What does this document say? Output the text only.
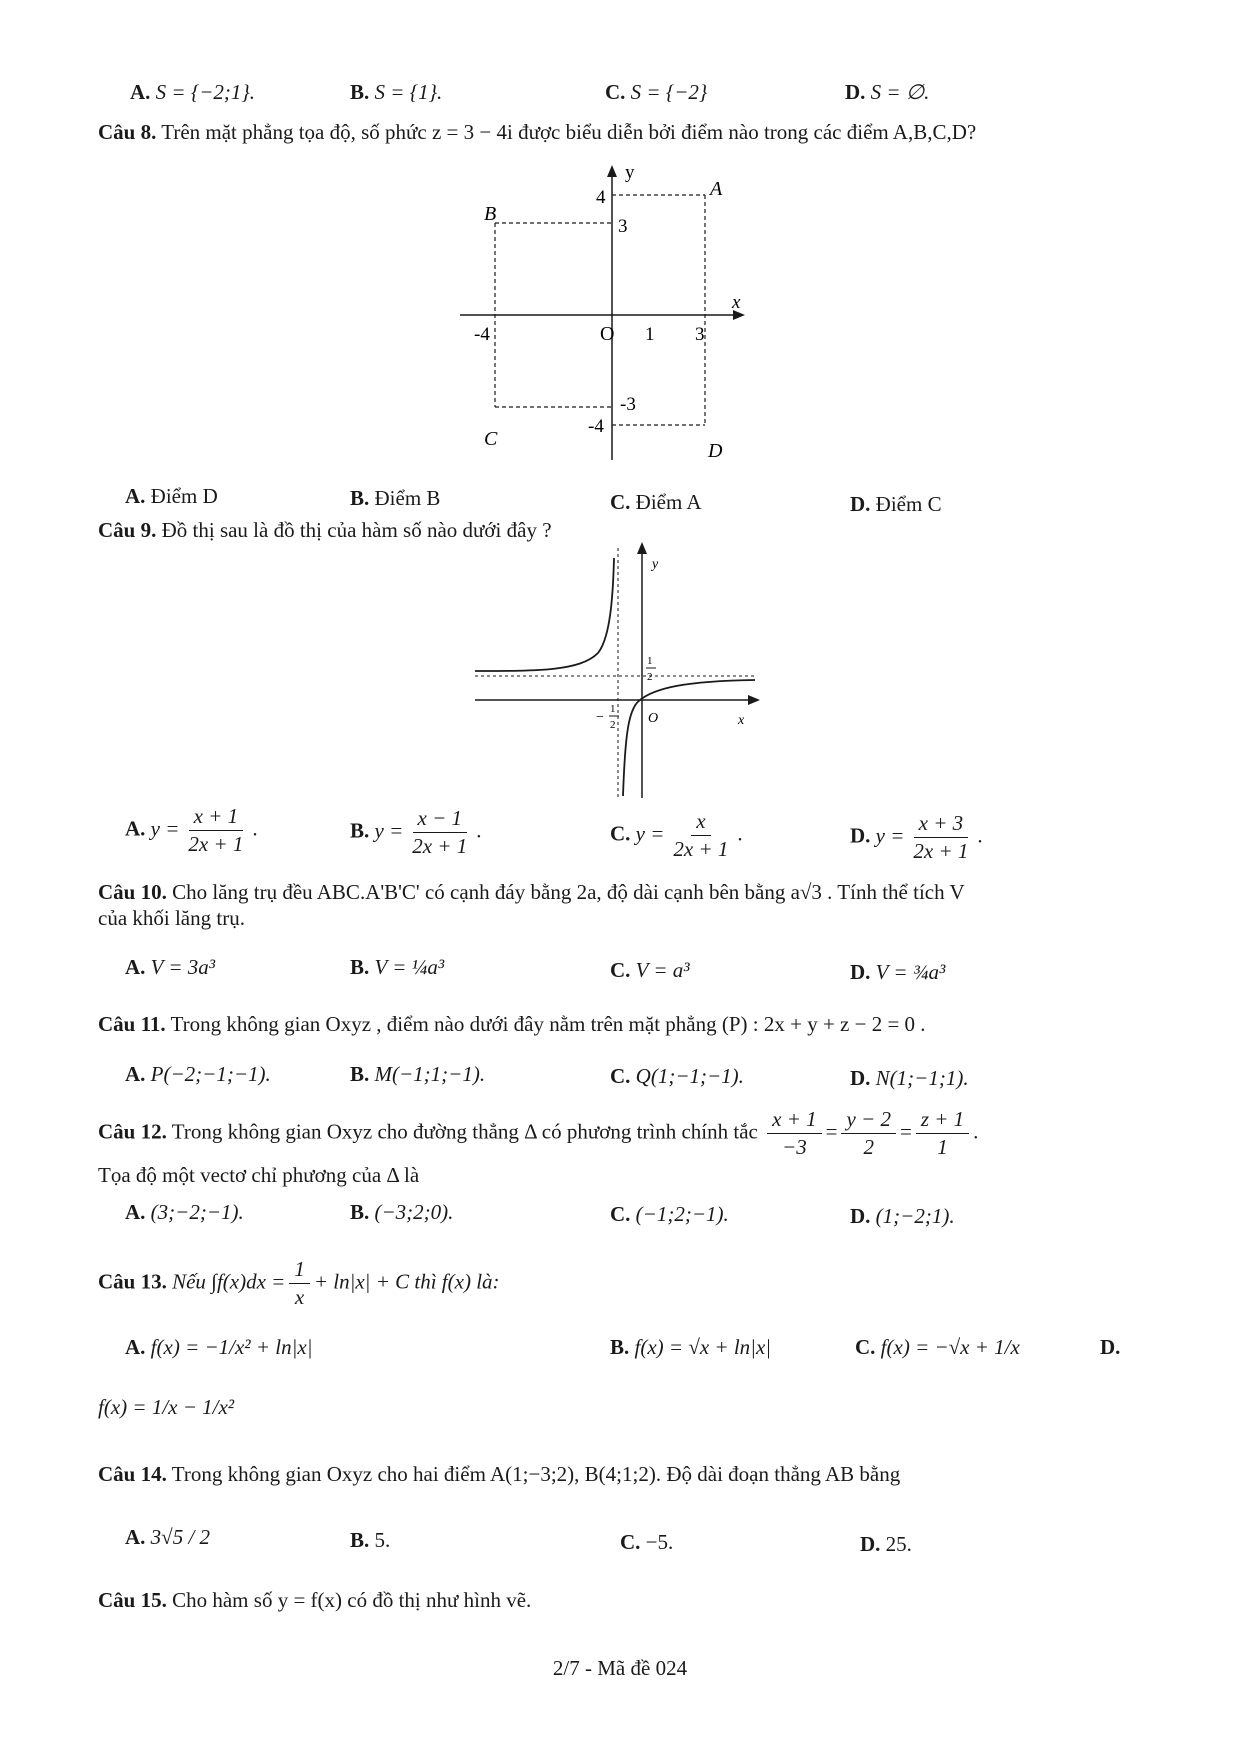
A. S = {−2;1}.	B. S = {1}.	C. S = {−2}	D. S = ∅.
Câu 8. Trên mặt phẳng tọa độ, số phức z = 3 − 4i được biểu diễn bởi điểm nào trong các điểm A,B,C,D?
y
x
O
4
3
-4	1 3
-3
-4
A
B
C
D
A. Điểm D	B. Điểm B	C. Điểm A	D. Điểm C
Câu 9. Đồ thị sau là đồ thị của hàm số nào dưới đây ?
y
x
O
1
2
−
1
2
A. $y = \frac{x + 1}{2x + 1}$ .	B. $y = \frac{x - 1}{2x + 1}$ .	C. $y = \frac{x}{2x + 1}$ .	D. $y = \frac{x + 3}{2x + 1}$ .
Câu 10. Cho lăng trụ đều ABC.A'B'C' có cạnh đáy bằng 2a, độ dài cạnh bên bằng a√3 . Tính thể tích V
của khối lăng trụ.
A. V = 3a³	B. V = ¼a³	C. V = a³	D. V = ¾a³
Câu 11. Trong không gian Oxyz , điểm nào dưới đây nằm trên mặt phẳng (P) : 2x + y + z − 2 = 0 .
A. P(−2;−1;−1).	B. M(−1;1;−1).	C. Q(1;−1;−1).	D. N(1;−1;1).
Câu 12. Trong không gian Oxyz cho đường thẳng Δ có phương trình chính tắc $\frac{x + 1}{-3} = \frac{y - 2}{2} = \frac{z + 1}{1}$ .
Tọa độ một vectơ chỉ phương của Δ là
A. (3;−2;−1).	B. (−3;2;0).	C. (−1;2;−1).	D. (1;−2;1).
Câu 13. Nếu $\int f(x)dx = \frac{1}{x} + \ln|x| + C$ thì f(x) là:
A. f(x) = −1/x² + ln|x|	B. f(x) = √x + ln|x|	C. f(x) = −√x + 1/x	D.
f(x) = 1/x − 1/x²
Câu 14. Trong không gian Oxyz cho hai điểm A(1;−3;2), B(4;1;2). Độ dài đoạn thẳng AB bằng
A. 3√5 / 2	B. 5.	C. −5.	D. 25.
Câu 15. Cho hàm số y = f(x) có đồ thị như hình vẽ.
2/7 - Mã đề 024
